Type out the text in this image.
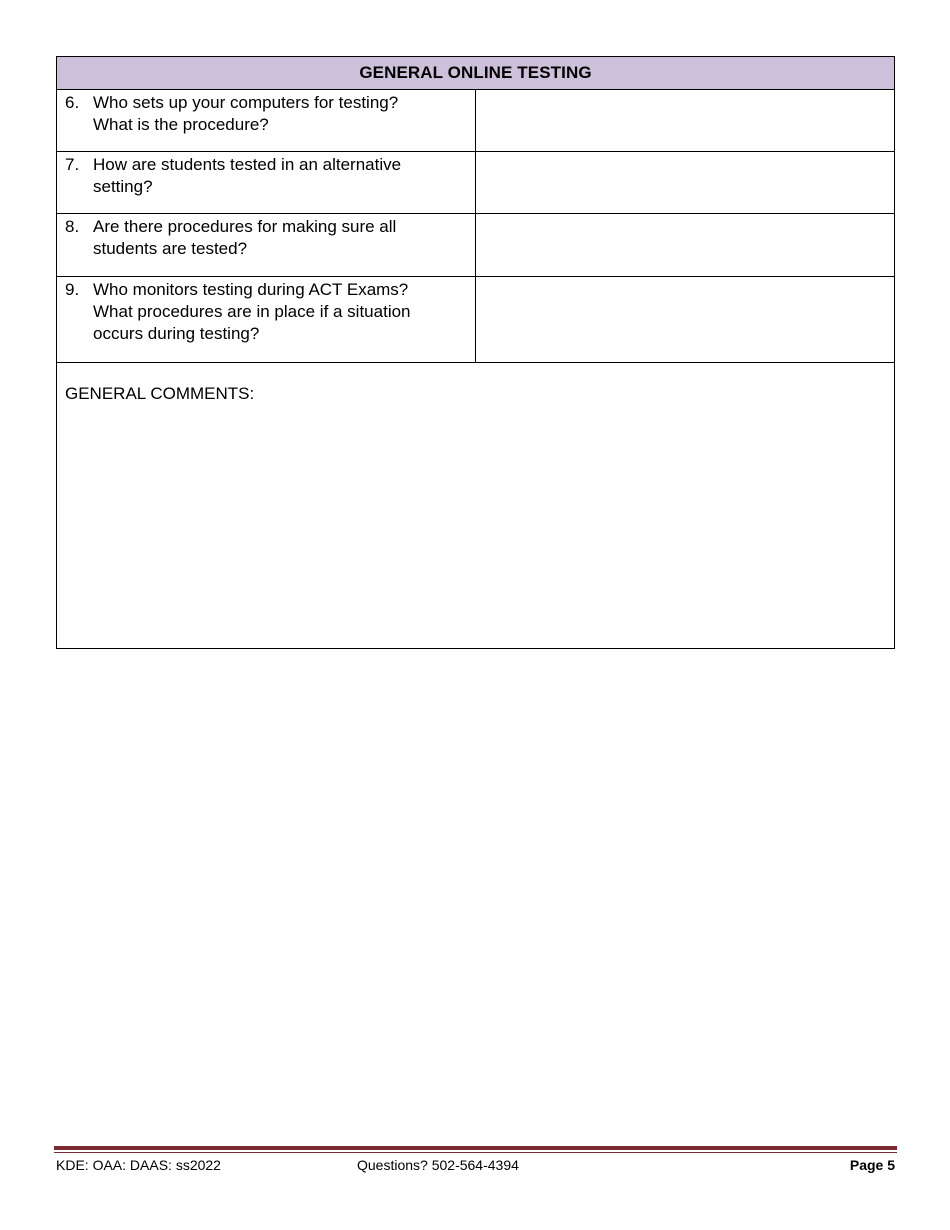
GENERAL ONLINE TESTING	

6. Who sets up your computers for testing?
What is the procedure?	

7. How are students tested in an alternative
setting?	

8. Are there procedures for making sure all
students are tested?	

9. Who monitors testing during ACT Exams?
What procedures are in place if a situation
occurs during testing?	

GENERAL COMMENTS:	
KDE: OAA: DAAS: ss2022	Questions? 502-564-4394	Page 5
